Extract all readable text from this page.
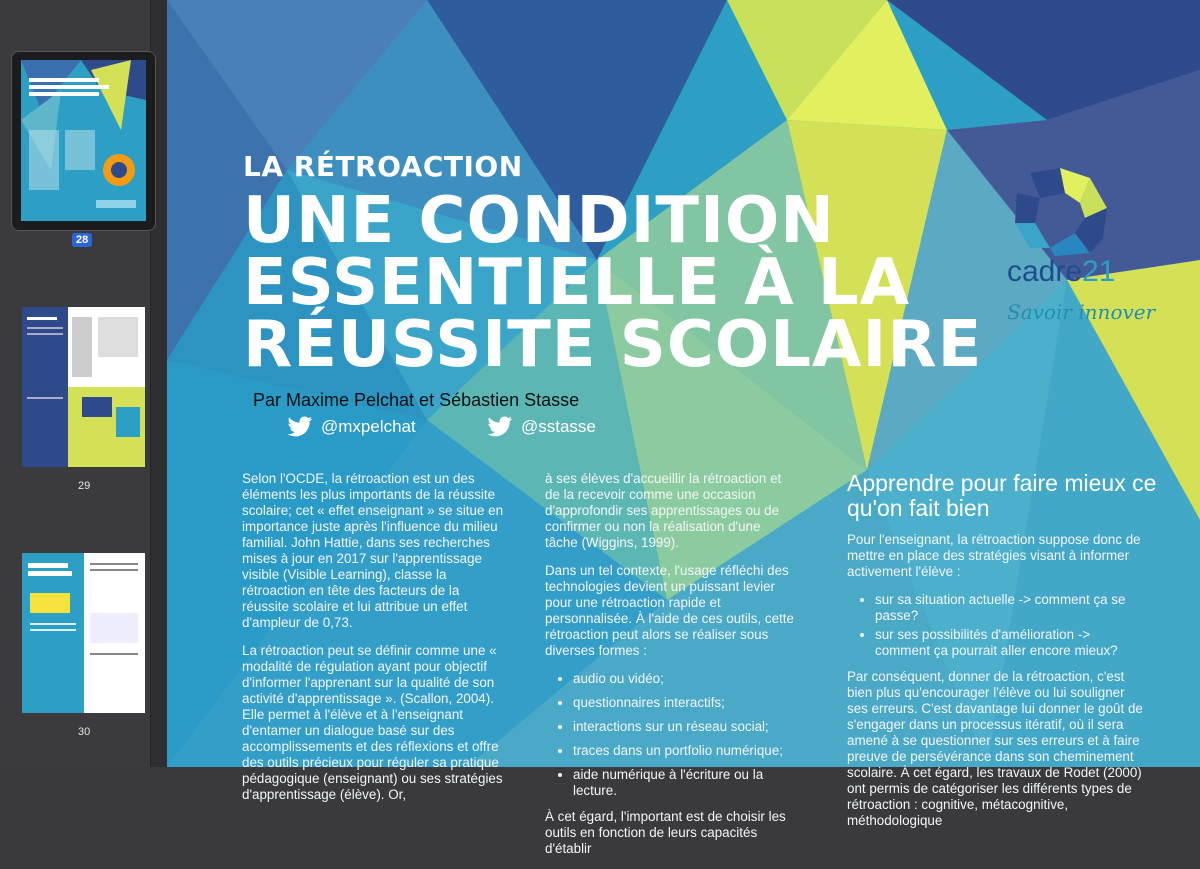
28
29
30
LA RÉTROACTION
UNE CONDITION
ESSENTIELLE À LA
RÉUSSITE SCOLAIRE
Par Maxime Pelchat et Sébastien Stasse
@mxpelchat	@sstasse

Selon l'OCDE, la rétroaction est un des éléments les plus importants de la réussite scolaire; cet « effet enseignant » se situe en importance juste après l'influence du milieu familial. John Hattie, dans ses recherches mises à jour en 2017 sur l'apprentissage visible (Visible Learning), classe la rétroaction en tête des facteurs de la réussite scolaire et lui attribue un effet d'ampleur de 0,73.

La rétroaction peut se définir comme une « modalité de régulation ayant pour objectif d'informer l'apprenant sur la qualité de son activité d'apprentissage ». (Scallon, 2004). Elle permet à l'élève et à l'enseignant d'entamer un dialogue basé sur des accomplissements et des réflexions et offre des outils précieux pour réguler sa pratique pédagogique (enseignant) ou ses stratégies d'apprentissage (élève). Or,

à ses élèves d'accueillir la rétroaction et de la recevoir comme une occasion d'approfondir ses apprentissages ou de confirmer ou non la réalisation d'une tâche (Wiggins, 1999).

Dans un tel contexte, l'usage réfléchi des technologies devient un puissant levier pour une rétroaction rapide et personnalisée. À l'aide de ces outils, cette rétroaction peut alors se réaliser sous diverses formes :

• audio ou vidéo;
• questionnaires interactifs;
• interactions sur un réseau social;
• traces dans un portfolio numérique;
• aide numérique à l'écriture ou la lecture.

À cet égard, l'important est de choisir les outils en fonction de leurs capacités d'établir

Apprendre pour faire mieux ce qu'on fait bien

Pour l'enseignant, la rétroaction suppose donc de mettre en place des stratégies visant à informer activement l'élève :

• sur sa situation actuelle -> comment ça se passe?
• sur ses possibilités d'amélioration -> comment ça pourrait aller encore mieux?

Par conséquent, donner de la rétroaction, c'est bien plus qu'encourager l'élève ou lui souligner ses erreurs. C'est davantage lui donner le goût de s'engager dans un processus itératif, où il sera amené à se questionner sur ses erreurs et à faire preuve de persévérance dans son cheminement scolaire. À cet égard, les travaux de Rodet (2000) ont permis de catégoriser les différents types de rétroaction : cognitive, métacognitive, méthodologique

cadre21
Savoir innover
